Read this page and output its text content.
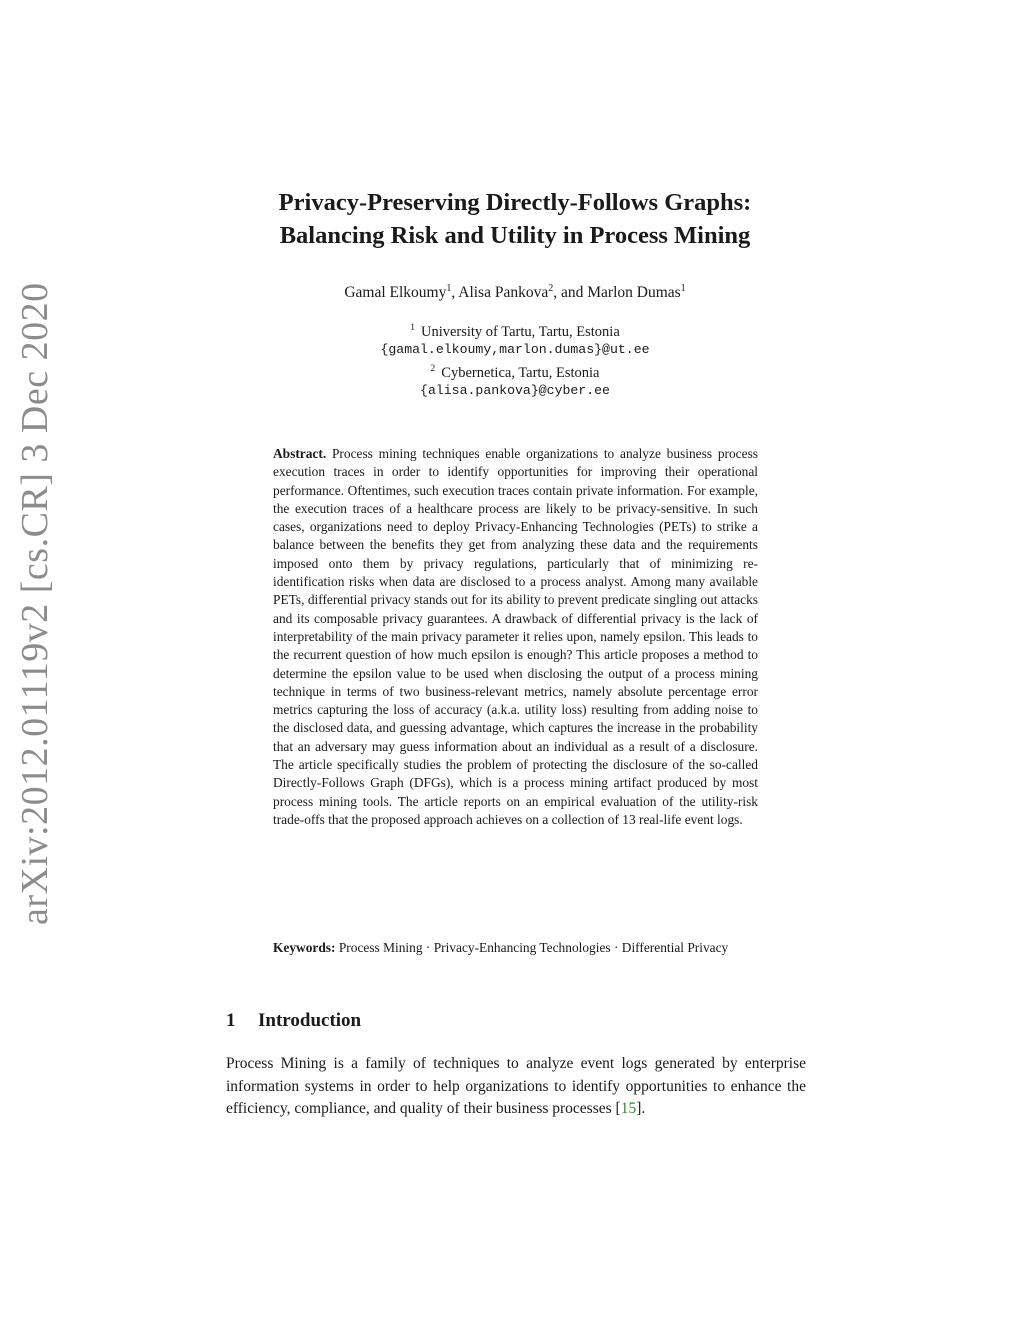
arXiv:2012.01119v2 [cs.CR] 3 Dec 2020
Privacy-Preserving Directly-Follows Graphs:
Balancing Risk and Utility in Process Mining
Gamal Elkoumy$^1$, Alisa Pankova$^2$, and Marlon Dumas$^1$
$^1$ University of Tartu, Tartu, Estonia
{gamal.elkoumy,marlon.dumas}@ut.ee
$^2$ Cybernetica, Tartu, Estonia
{alisa.pankova}@cyber.ee
Abstract. Process mining techniques enable organizations to analyze business process execution traces in order to identify opportunities for improving their operational performance. Oftentimes, such execution traces contain private information. For example, the execution traces of a healthcare process are likely to be privacy-sensitive. In such cases, organizations need to deploy Privacy-Enhancing Technologies (PETs) to strike a balance between the benefits they get from analyzing these data and the requirements imposed onto them by privacy regulations, particularly that of minimizing re-identification risks when data are disclosed to a process analyst. Among many available PETs, differential privacy stands out for its ability to prevent predicate singling out attacks and its composable privacy guarantees. A drawback of differential privacy is the lack of interpretability of the main privacy parameter it relies upon, namely epsilon. This leads to the recurrent question of how much epsilon is enough? This article proposes a method to determine the epsilon value to be used when disclosing the output of a process mining technique in terms of two business-relevant metrics, namely absolute percentage error metrics capturing the loss of accuracy (a.k.a. utility loss) resulting from adding noise to the disclosed data, and guessing advantage, which captures the increase in the probability that an adversary may guess information about an individual as a result of a disclosure. The article specifically studies the problem of protecting the disclosure of the so-called Directly-Follows Graph (DFGs), which is a process mining artifact produced by most process mining tools. The article reports on an empirical evaluation of the utility-risk trade-offs that the proposed approach achieves on a collection of 13 real-life event logs.
Keywords: Process Mining · Privacy-Enhancing Technologies · Differential Privacy
1 Introduction
Process Mining is a family of techniques to analyze event logs generated by enterprise information systems in order to help organizations to identify opportunities to enhance the efficiency, compliance, and quality of their business processes [15].
